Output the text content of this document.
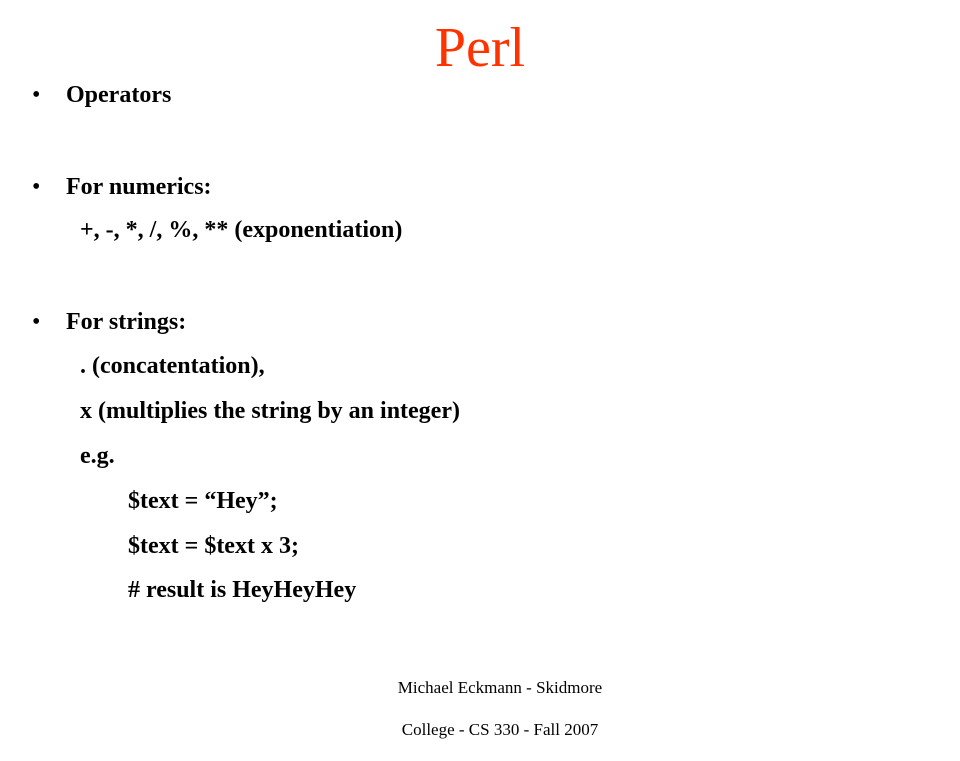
Perl
• Operators
• For numerics:
+, -, *, /, %, ** (exponentiation)
• For strings:
. (concatentation),
x (multiplies the string by an integer)
e.g.
$text = “Hey”;
$text = $text x 3;
# result is HeyHeyHey

Michael Eckmann - Skidmore

College - CS 330 - Fall 2007
